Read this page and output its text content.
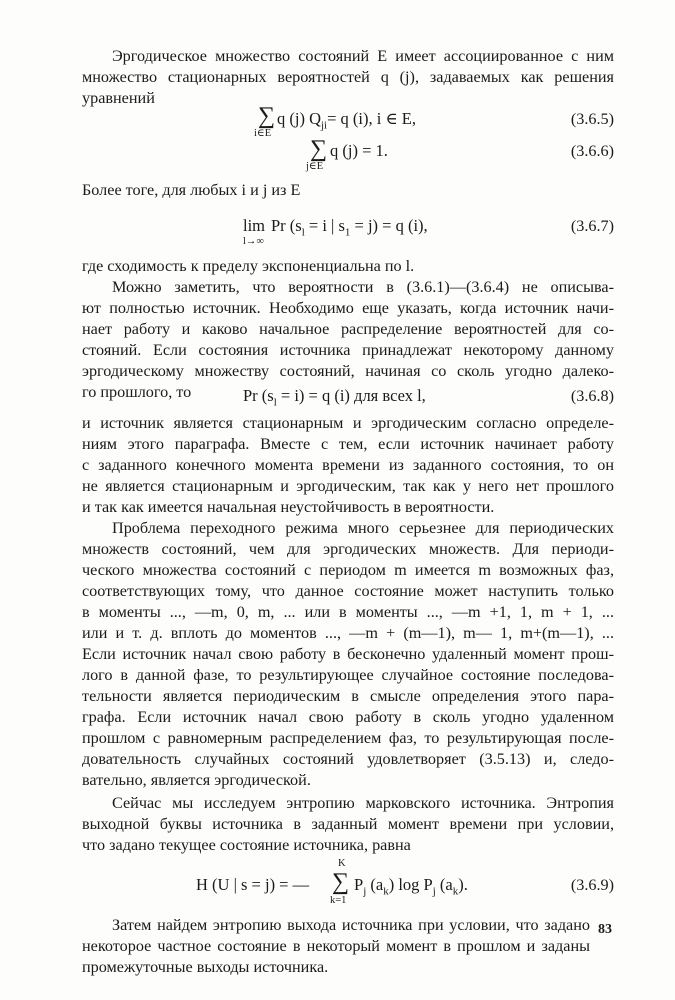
Эргодическое множество состояний E имеет ассоциированное с ним
множество стационарных вероятностей q (j), задаваемых как решения
уравнений
∑
i∈E
q (j) $Q_{ji}= q$ (i), i ∈ E,	(3.6.5)
∑
j∈E
q (j) = 1.	(3.6.6)
Более тоге, для любых i и j из E
lim
l→∞
Pr ($s_l = i$ | $s_1 = j) = q$ (i),	(3.6.7)
где сходимость к пределу экспоненциальна по l.
Можно заметить, что вероятности в (3.6.1)—(3.6.4) не описыва-
ют полностью источник. Необходимо еще указать, когда источник начи-
нает работу и каково начальное распределение вероятностей для со-
стояний. Если состояния источника принадлежат некоторому данному
эргодическому множеству состояний, начиная со сколь угодно далеко-
го прошлого, то	Pr $(s_l = i) = q$ (i) для всех l,	(3.6.8)
и источник является стационарным и эргодическим согласно определе-
ниям этого параграфа. Вместе с тем, если источник начинает работу
с заданного конечного момента времени из заданного состояния, то он
не является стационарным и эргодическим, так как у него нет прошлого
и так как имеется начальная неустойчивость в вероятности.
Проблема переходного режима много серьезнее для периодических
множеств состояний, чем для эргодических множеств. Для периоди-
ческого множества состояний с периодом m имеется m возможных фаз,
соответствующих тому, что данное состояние может наступить только
в моменты ..., —m, 0, m, ... или в моменты ..., —m +1, 1, m + 1, ...
или и т. д. вплоть до моментов ..., —m + (m—1), m— 1, m+(m—1), ...
Если источник начал свою работу в бесконечно удаленный момент прош-
лого в данной фазе, то результирующее случайное состояние последова-
тельности является периодическим в смысле определения этого пара-
графа. Если источник начал свою работу в сколь угодно удаленном
прошлом с равномерным распределением фаз, то результирующая после-
довательность случайных состояний удовлетворяет (3.5.13) и, следо-
вательно, является эргодической.
Сейчас мы исследуем энтропию марковского источника. Энтропия
выходной буквы источника в заданный момент времени при условии,
что задано текущее состояние источника, равна
H (U | s = j) = —
K
∑
k=1
$P_j$ $(a_k)$ $\log P_j$ $(a_k)$.	(3.6.9)
Затем найдем энтропию выхода источника при условии, что задано
некоторое частное состояние в некоторый момент в прошлом и заданы
промежуточные выходы источника.
83
